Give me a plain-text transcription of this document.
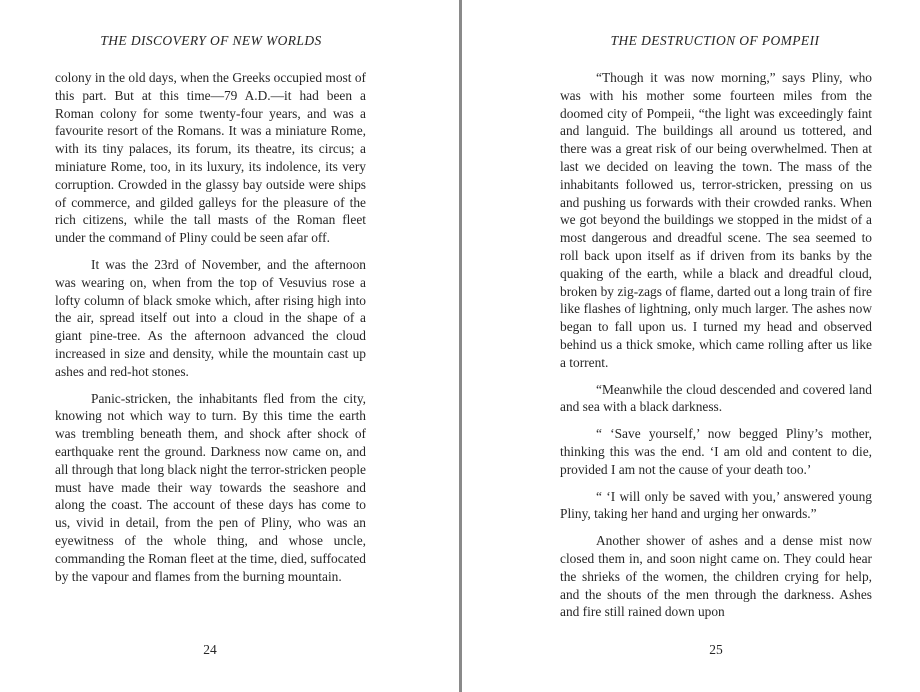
THE DISCOVERY OF NEW WORLDS

colony in the old days, when the Greeks occupied most of this part. But at this time—79 A.D.—it had been a Roman colony for some twenty-four years, and was a favourite resort of the Romans. It was a miniature Rome, with its tiny palaces, its forum, its theatre, its circus; a miniature Rome, too, in its luxury, its indolence, its very corruption. Crowded in the glassy bay outside were ships of commerce, and gilded galleys for the pleasure of the rich citizens, while the tall masts of the Roman fleet under the command of Pliny could be seen afar off.

It was the 23rd of November, and the afternoon was wearing on, when from the top of Vesuvius rose a lofty column of black smoke which, after rising high into the air, spread itself out into a cloud in the shape of a giant pine-tree. As the afternoon advanced the cloud increased in size and density, while the mountain cast up ashes and red-hot stones.

Panic-stricken, the inhabitants fled from the city, knowing not which way to turn. By this time the earth was trembling beneath them, and shock after shock of earthquake rent the ground. Darkness now came on, and all through that long black night the terror-stricken people must have made their way towards the seashore and along the coast. The account of these days has come to us, vivid in detail, from the pen of Pliny, who was an eyewitness of the whole thing, and whose uncle, commanding the Roman fleet at the time, died, suffocated by the vapour and flames from the burning mountain.

24
THE DESTRUCTION OF POMPEII

“Though it was now morning,” says Pliny, who was with his mother some fourteen miles from the doomed city of Pompeii, “the light was exceedingly faint and languid. The buildings all around us tottered, and there was a great risk of our being overwhelmed. Then at last we decided on leaving the town. The mass of the inhabitants followed us, terror-stricken, pressing on us and pushing us forwards with their crowded ranks. When we got beyond the buildings we stopped in the midst of a most dangerous and dreadful scene. The sea seemed to roll back upon itself as if driven from its banks by the quaking of the earth, while a black and dreadful cloud, broken by zig-zags of flame, darted out a long train of fire like flashes of lightning, only much larger. The ashes now began to fall upon us. I turned my head and observed behind us a thick smoke, which came rolling after us like a torrent.

“Meanwhile the cloud descended and covered land and sea with a black darkness.

“ ‘Save yourself,’ now begged Pliny’s mother, thinking this was the end. ‘I am old and content to die, provided I am not the cause of your death too.’

“ ‘I will only be saved with you,’ answered young Pliny, taking her hand and urging her onwards.”

Another shower of ashes and a dense mist now closed them in, and soon night came on. They could hear the shrieks of the women, the children crying for help, and the shouts of the men through the darkness. Ashes and fire still rained down upon

25
